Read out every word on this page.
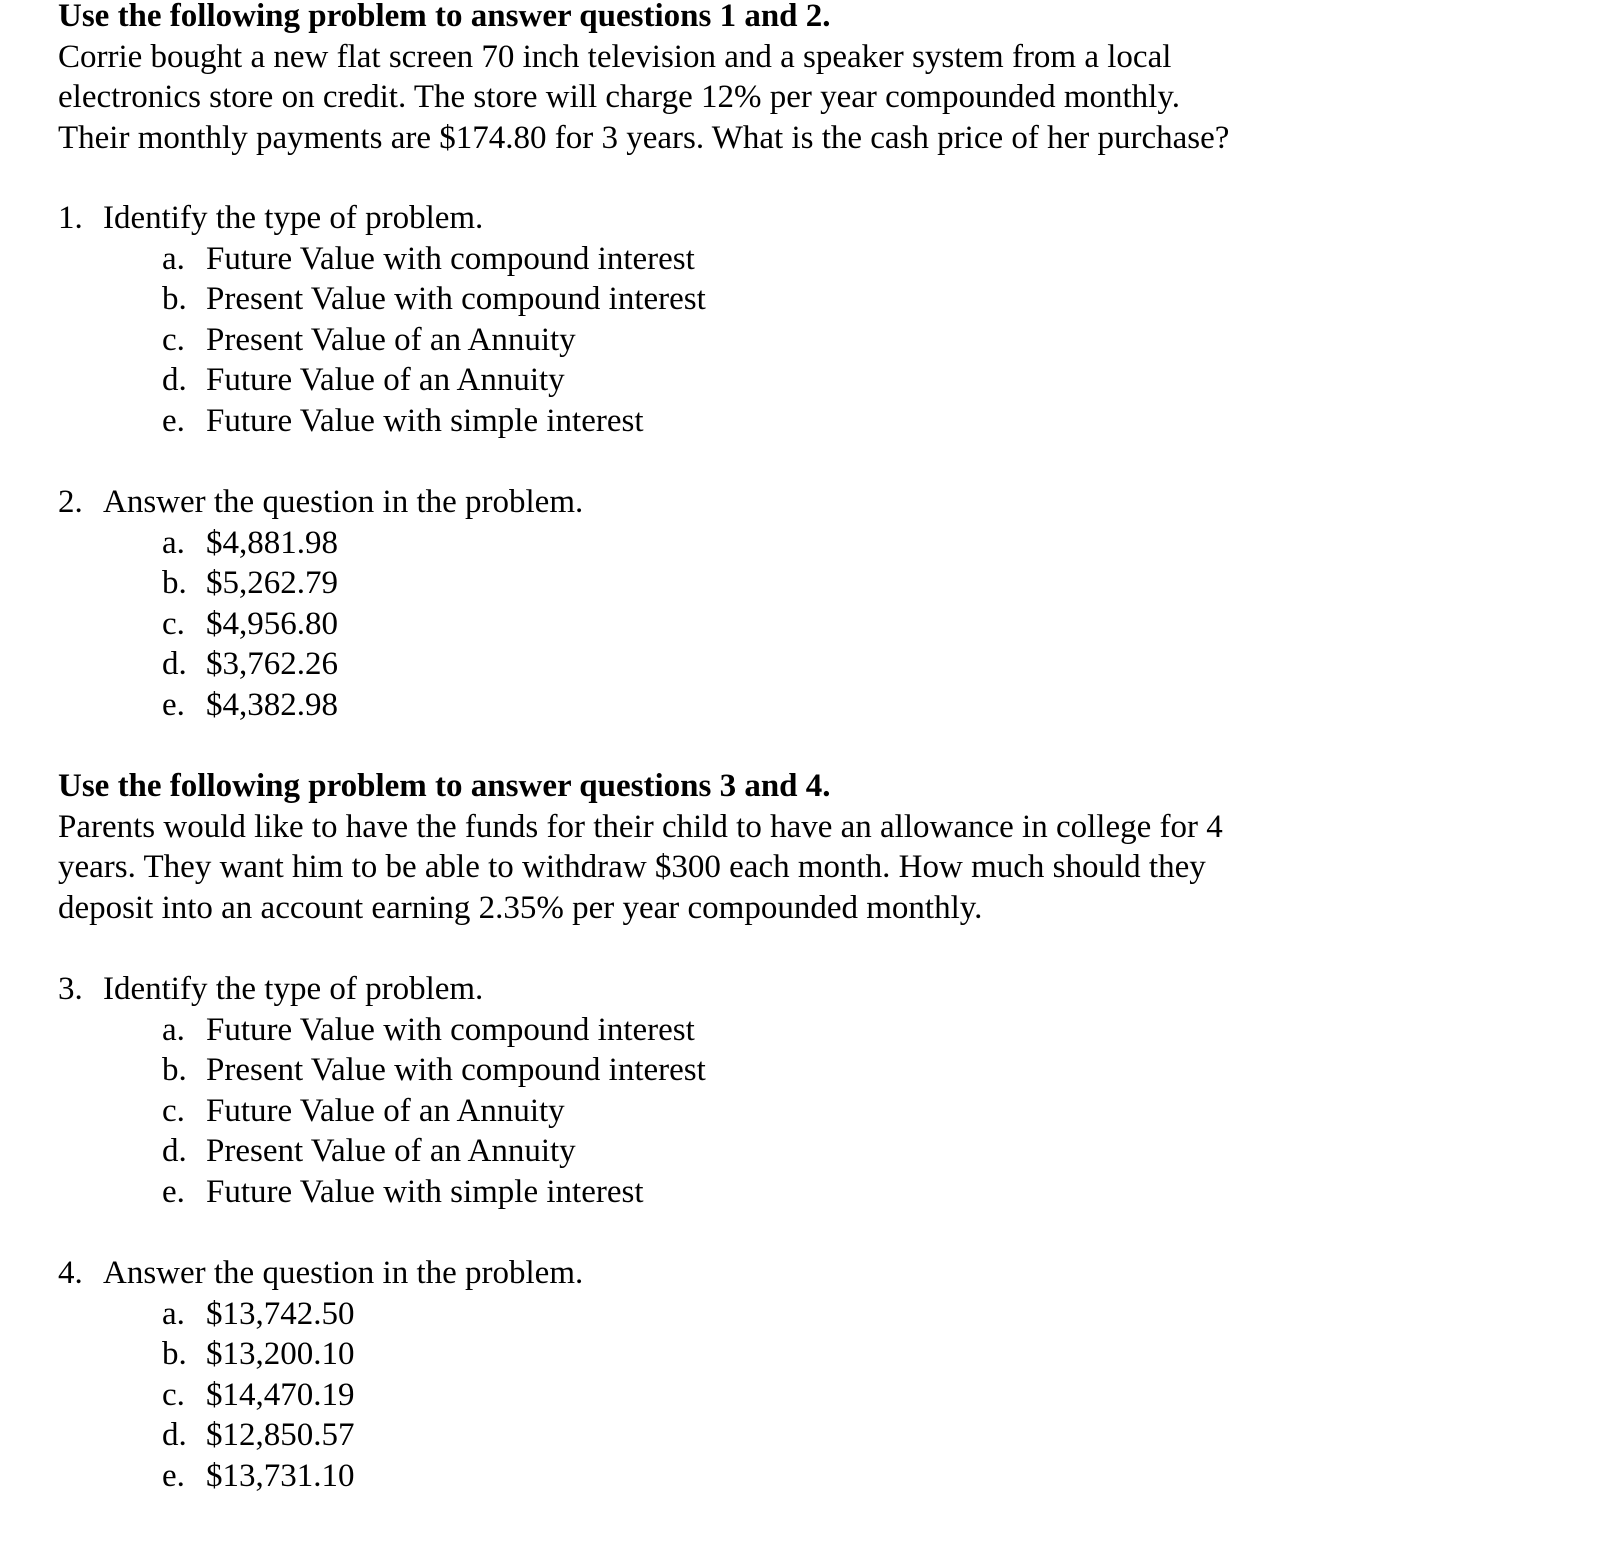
Use the following problem to answer questions 1 and 2.
Corrie bought a new flat screen 70 inch television and a speaker system from a local
electronics store on credit. The store will charge 12% per year compounded monthly.
Their monthly payments are $174.80 for 3 years. What is the cash price of her purchase?
1. Identify the type of problem.
a. Future Value with compound interest
b. Present Value with compound interest
c. Present Value of an Annuity
d. Future Value of an Annuity
e. Future Value with simple interest
2. Answer the question in the problem.
a. $4,881.98
b. $5,262.79
c. $4,956.80
d. $3,762.26
e. $4,382.98
Use the following problem to answer questions 3 and 4.
Parents would like to have the funds for their child to have an allowance in college for 4
years. They want him to be able to withdraw $300 each month. How much should they
deposit into an account earning 2.35% per year compounded monthly.
3. Identify the type of problem.
a. Future Value with compound interest
b. Present Value with compound interest
c. Future Value of an Annuity
d. Present Value of an Annuity
e. Future Value with simple interest
4. Answer the question in the problem.
a. $13,742.50
b. $13,200.10
c. $14,470.19
d. $12,850.57
e. $13,731.10
